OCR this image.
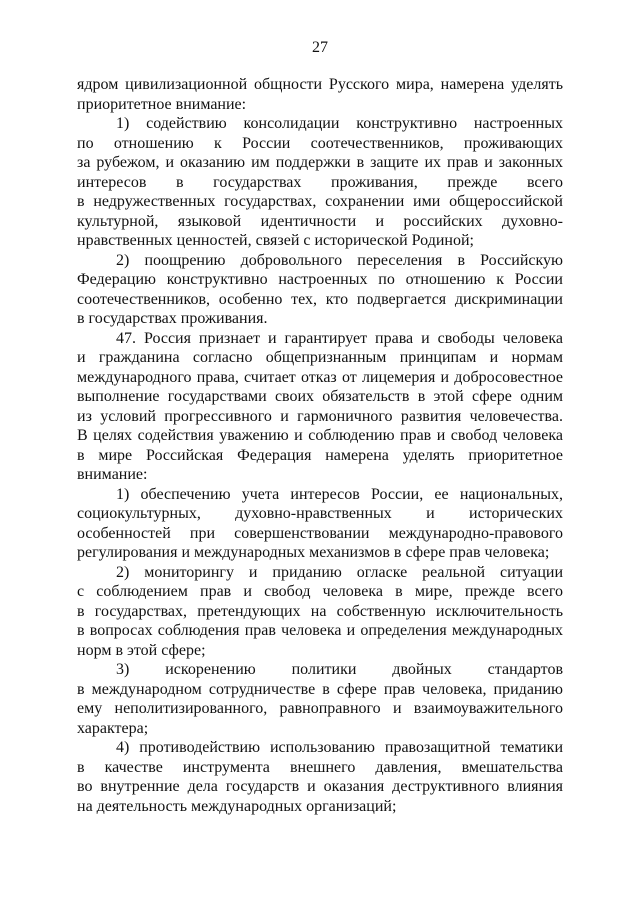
27

ядром цивилизационной общности Русского мира, намерена уделять
приоритетное внимание:

1) содействию консолидации конструктивно настроенных
по отношению к России соотечественников, проживающих
за рубежом, и оказанию им поддержки в защите их прав и законных
интересов в государствах проживания, прежде всего
в недружественных государствах, сохранении ими общероссийской
культурной, языковой идентичности и российских духовно-
нравственных ценностей, связей с исторической Родиной;

2) поощрению добровольного переселения в Российскую
Федерацию конструктивно настроенных по отношению к России
соотечественников, особенно тех, кто подвергается дискриминации
в государствах проживания.

47. Россия признает и гарантирует права и свободы человека
и гражданина согласно общепризнанным принципам и нормам
международного права, считает отказ от лицемерия и добросовестное
выполнение государствами своих обязательств в этой сфере одним
из условий прогрессивного и гармоничного развития человечества.
В целях содействия уважению и соблюдению прав и свобод человека
в мире Российская Федерация намерена уделять приоритетное
внимание:

1) обеспечению учета интересов России, ее национальных,
социокультурных, духовно-нравственных и исторических
особенностей при совершенствовании международно-правового
регулирования и международных механизмов в сфере прав человека;

2) мониторингу и приданию огласке реальной ситуации
с соблюдением прав и свобод человека в мире, прежде всего
в государствах, претендующих на собственную исключительность
в вопросах соблюдения прав человека и определения международных
норм в этой сфере;

3) искоренению политики двойных стандартов
в международном сотрудничестве в сфере прав человека, приданию
ему неполитизированного, равноправного и взаимоуважительного
характера;

4) противодействию использованию правозащитной тематики
в качестве инструмента внешнего давления, вмешательства
во внутренние дела государств и оказания деструктивного влияния
на деятельность международных организаций;
